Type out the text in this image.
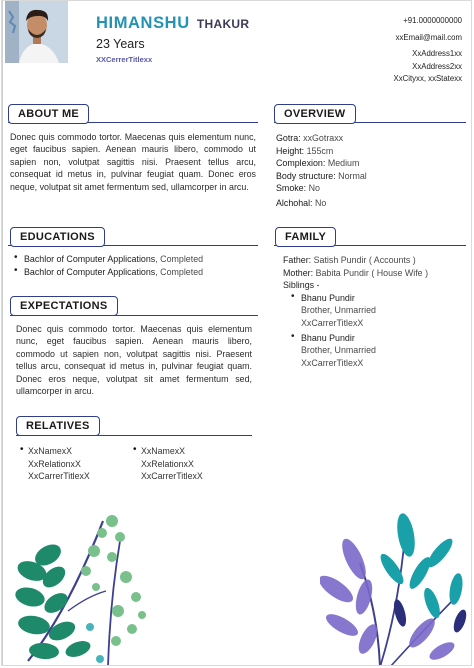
HIMANSHU THAKUR
23 Years
XXCerrerTitlexx
+91.0000000000
xxEmail@mail.com
XxAddress1xx
XxAddress2xx
XxCityxx, xxStatexx
ABOUT ME
Donec quis commodo tortor. Maecenas quis elementum nunc, eget faucibus sapien. Aenean mauris libero, commodo ut sapien non, volutpat sagittis nisi. Praesent tellus arcu, consequat id metus in, pulvinar feugiat quam. Donec eros neque, volutpat sit amet fermentum sed, ullamcorper in arcu.
OVERVIEW
Gotra: xxGotraxx
Height: 155cm
Complexion: Medium
Body structure: Normal
Smoke: No
Alchohal: No
EDUCATIONS
• Bachlor of Computer Applications, Completed
• Bachlor of Computer Applications, Completed
FAMILY
Father: Satish Pundir ( Accounts )
Mother: Babita Pundir ( House Wife )
Siblings -
• Bhanu Pundir
Brother, Unmarried
XxCarrerTitlexX
• Bhanu Pundir
Brother, Unmarried
XxCarrerTitlexX
EXPECTATIONS
Donec quis commodo tortor. Maecenas quis elementum nunc, eget faucibus sapien. Aenean mauris libero, commodo ut sapien non, volutpat sagittis nisi. Praesent tellus arcu, consequat id metus in, pulvinar feugiat quam. Donec eros neque, volutpat sit amet fermentum sed, ullamcorper in arcu.
RELATIVES
• XxNamexX
XxRelationxX
XxCarrerTitlexX
• XxNamexX
XxRelationxX
XxCarrerTitlexX
